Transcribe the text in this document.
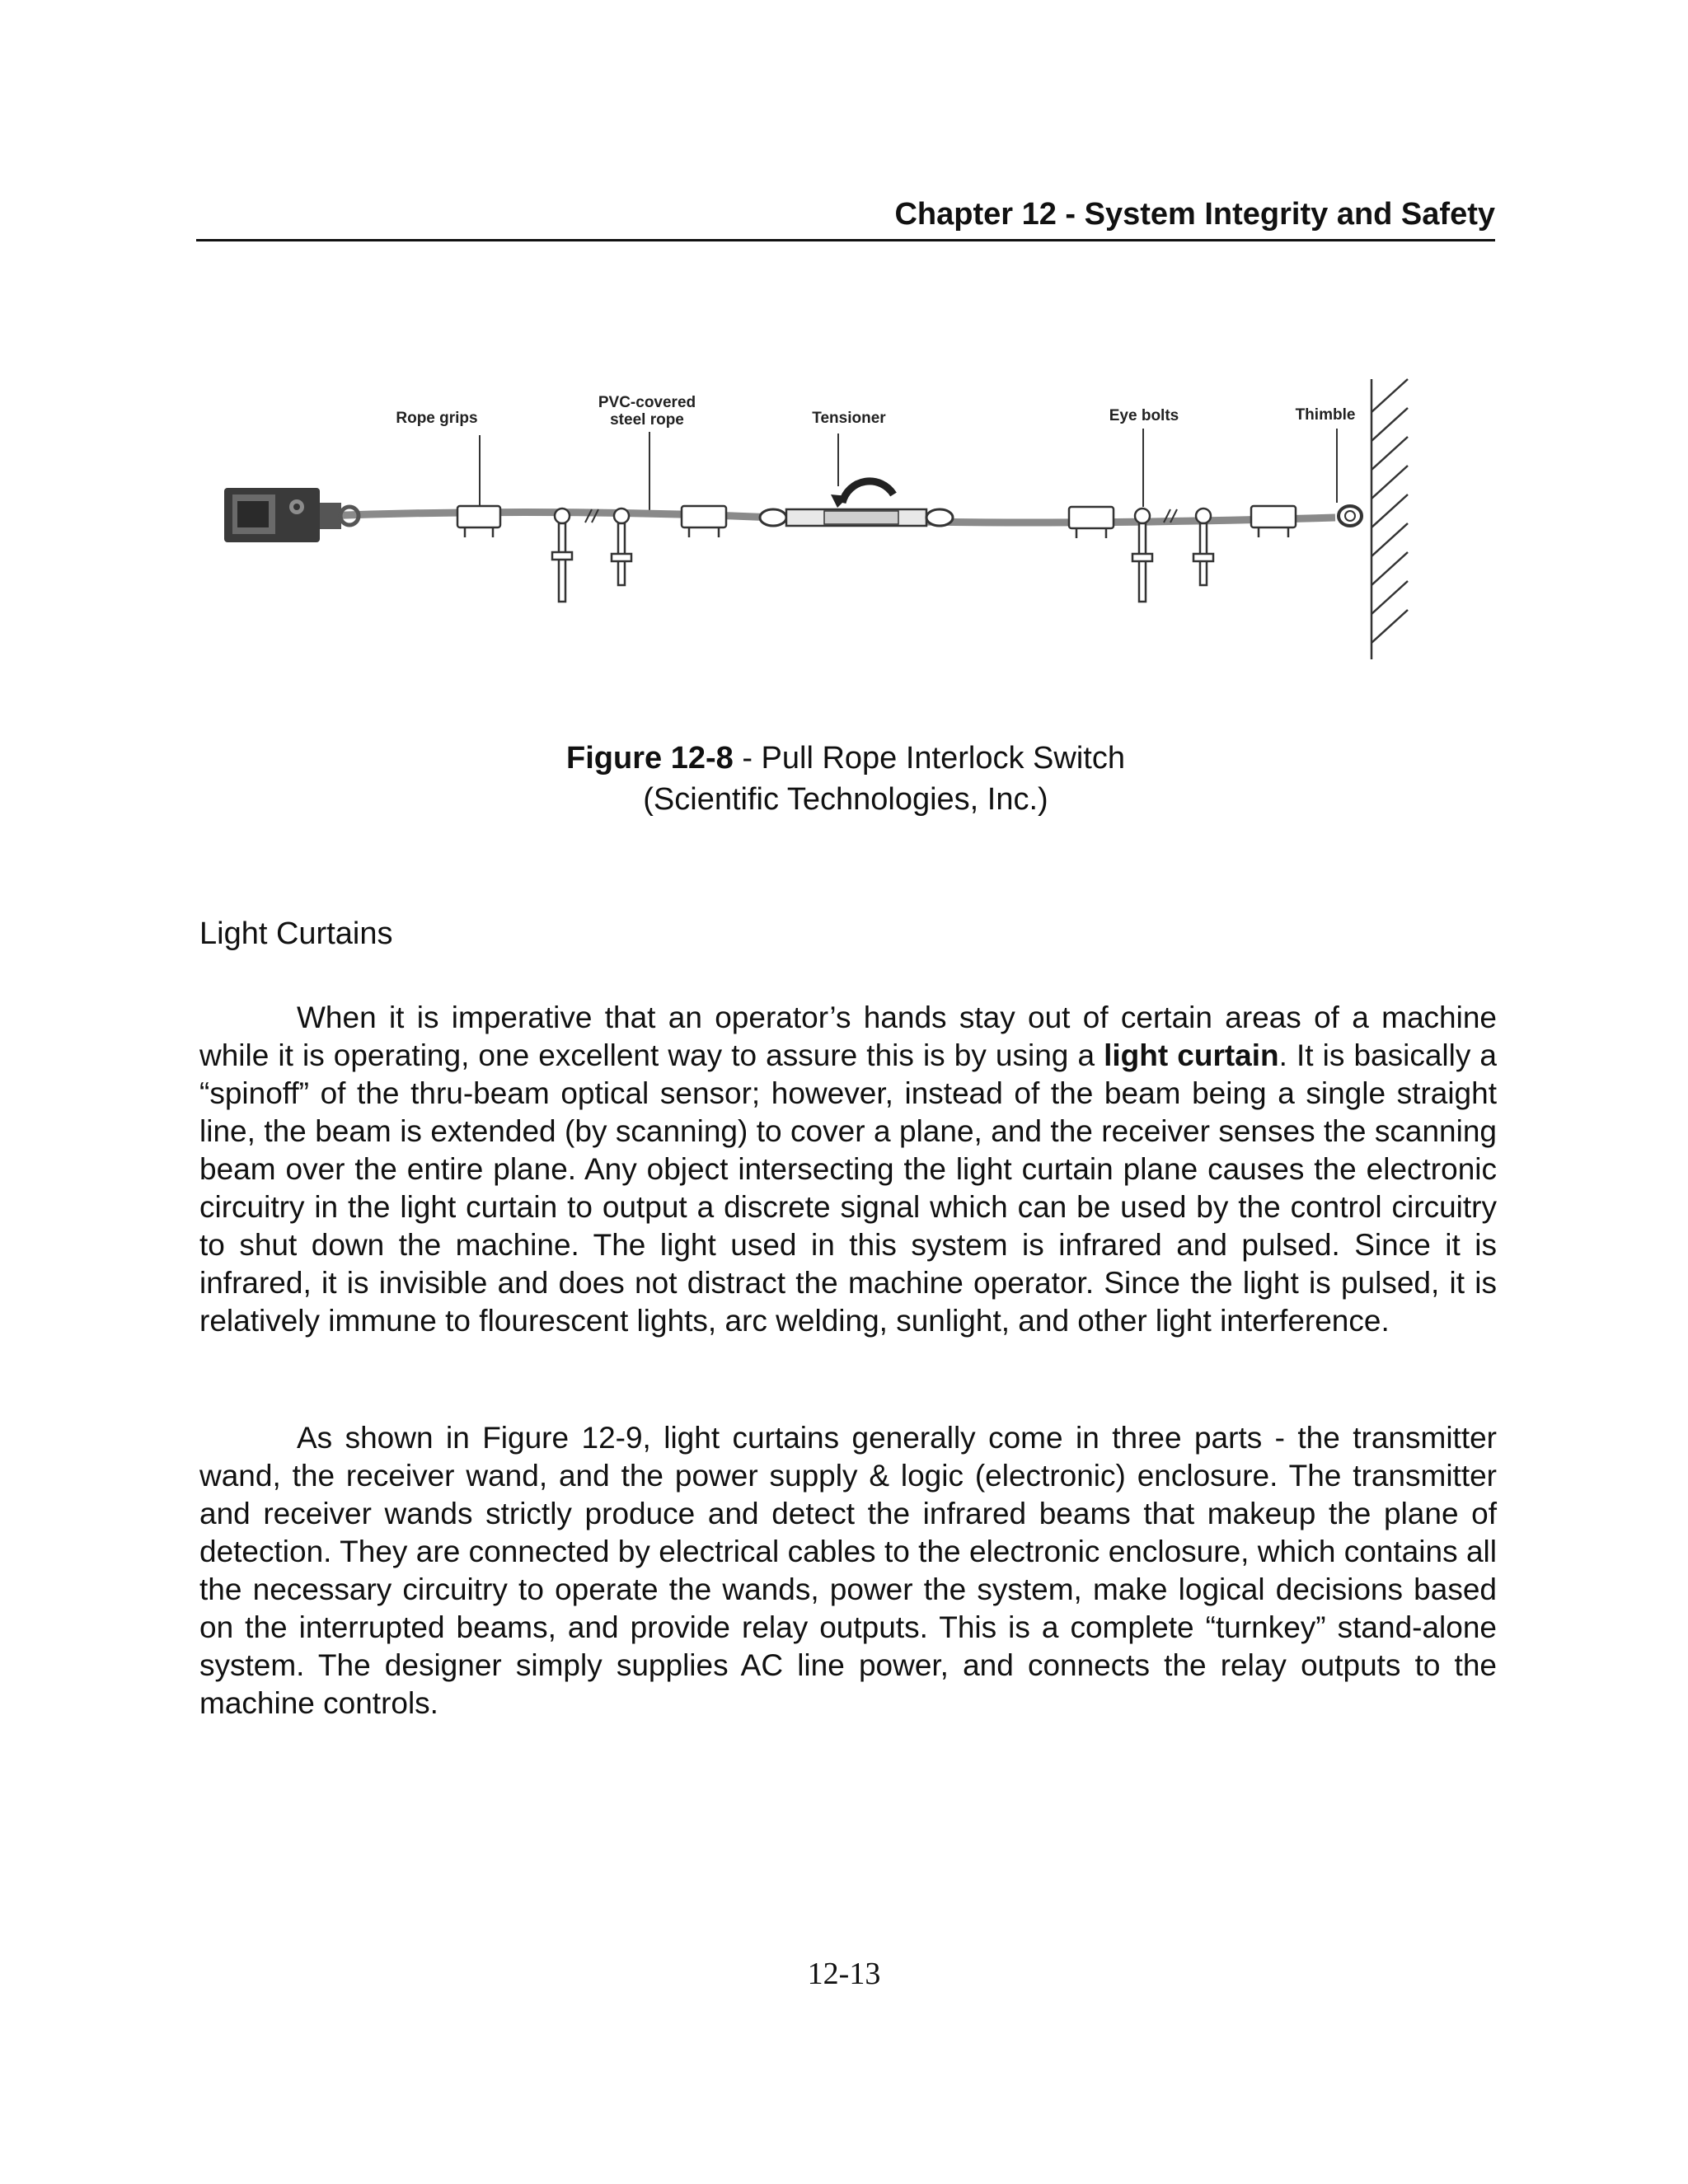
Chapter 12 - System Integrity and Safety
Rope grips
PVC-covered
steel rope	Tensioner	Eye bolts	Thimble
Figure 12-8 - Pull Rope Interlock Switch
(Scientific Technologies, Inc.)
Light Curtains

When it is imperative that an operator’s hands stay out of certain areas of a machine while it is operating, one excellent way to assure this is by using a light curtain. It is basically a “spinoff” of the thru-beam optical sensor; however, instead of the beam being a single straight line, the beam is extended (by scanning) to cover a plane, and the receiver senses the scanning beam over the entire plane. Any object intersecting the light curtain plane causes the electronic circuitry in the light curtain to output a discrete signal which can be used by the control circuitry to shut down the machine. The light used in this system is infrared and pulsed. Since it is infrared, it is invisible and does not distract the machine operator. Since the light is pulsed, it is relatively immune to flourescent lights, arc welding, sunlight, and other light interference.

As shown in Figure 12-9, light curtains generally come in three parts - the transmitter wand, the receiver wand, and the power supply & logic (electronic) enclosure. The transmitter and receiver wands strictly produce and detect the infrared beams that makeup the plane of detection. They are connected by electrical cables to the electronic enclosure, which contains all the necessary circuitry to operate the wands, power the system, make logical decisions based on the interrupted beams, and provide relay outputs. This is a complete “turnkey” stand-alone system. The designer simply supplies AC line power, and connects the relay outputs to the machine controls.

12-13
